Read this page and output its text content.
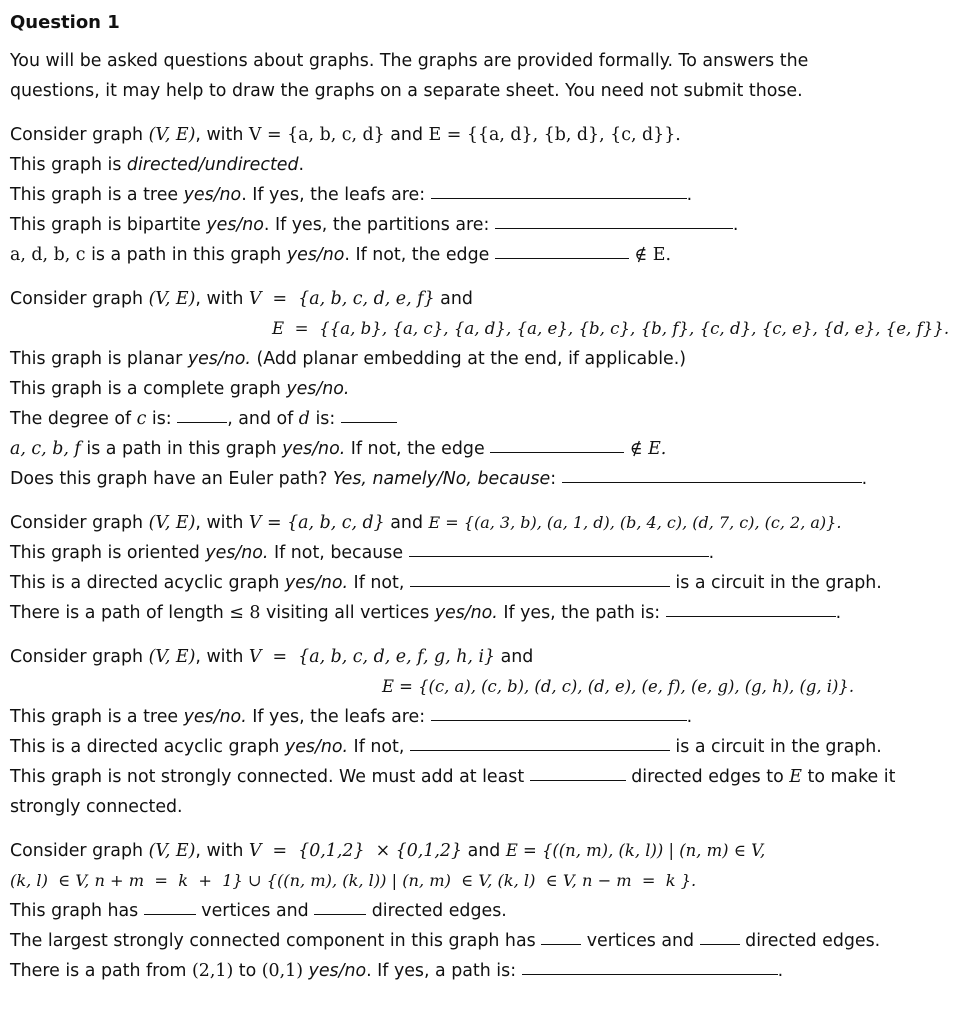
Question 1
You will be asked questions about graphs. The graphs are provided formally. To answers the
questions, it may help to draw the graphs on a separate sheet. You need not submit those.
Consider graph (V, E), with V = {a, b, c, d} and E = {{a, d}, {b, d}, {c, d}}.
This graph is directed/undirected.
This graph is a tree yes/no. If yes, the leafs are:	.
This graph is bipartite yes/no. If yes, the partitions are:	.
a, d, b, c is a path in this graph yes/no. If not, the edge	∉ E.
Consider graph (V, E), with V  =  {a, b, c, d, e, f} and
E  =  {{a, b}, {a, c}, {a, d}, {a, e}, {b, c}, {b, f}, {c, d}, {c, e}, {d, e}, {e, f}}.
This graph is planar yes/no. (Add planar embedding at the end, if applicable.)
This graph is a complete graph yes/no.
The degree of c is:	, and of d is:
a, c, b, f is a path in this graph yes/no. If not, the edge	∉ E.
Does this graph have an Euler path? Yes, namely/No, because:	.
Consider graph (V, E), with V = {a, b, c, d} and E = {(a, 3, b), (a, 1, d), (b, 4, c), (d, 7, c), (c, 2, a)}.
This graph is oriented yes/no. If not, because	.
This is a directed acyclic graph yes/no. If not,	is a circuit in the graph.
There is a path of length ≤ 8 visiting all vertices yes/no. If yes, the path is:	.
Consider graph (V, E), with V  =  {a, b, c, d, e, f, g, h, i} and
E = {(c, a), (c, b), (d, c), (d, e), (e, f), (e, g), (g, h), (g, i)}.
This graph is a tree yes/no. If yes, the leafs are:	.
This is a directed acyclic graph yes/no. If not,	is a circuit in the graph.
This graph is not strongly connected. We must add at least	directed edges to E to make it
strongly connected.
Consider graph (V, E), with V  =  {0,1,2}  × {0,1,2} and E = {((n, m), (k, l)) | (n, m) ∈ V,
(k, l)  ∈ V, n + m  =  k  +  1} ∪ {((n, m), (k, l)) | (n, m)  ∈ V, (k, l)  ∈ V, n − m  =  k }.
This graph has	vertices and	directed edges.
The largest strongly connected component in this graph has  vertices and  directed edges.
There is a path from (2,1) to (0,1) yes/no. If yes, a path is:	.
